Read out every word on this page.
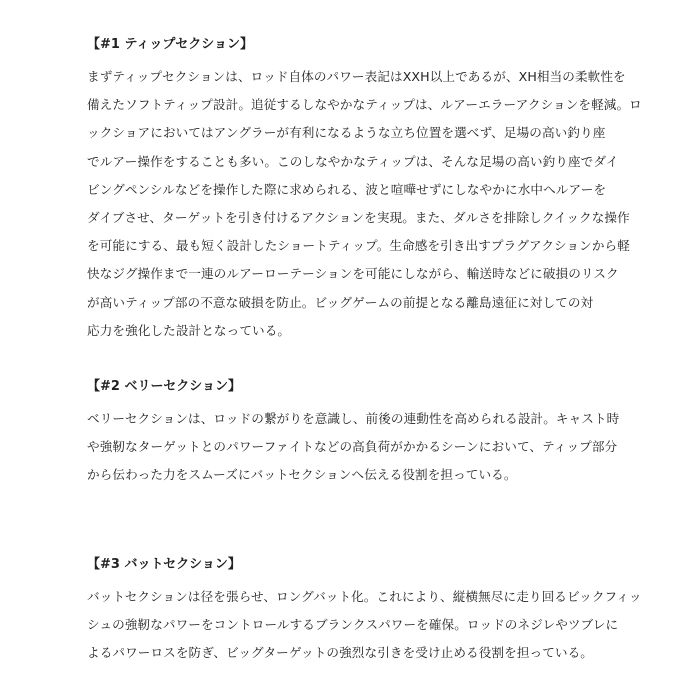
【#1 ティップセクション】
まずティップセクションは、ロッド自体のパワー表記はXXH以上であるが、XH相当の柔軟性を
備えたソフトティップ設計。追従するしなやかなティップは、ルアーエラーアクションを軽減。ロ
ックショアにおいてはアングラーが有利になるような立ち位置を選べず、足場の高い釣り座
でルアー操作をすることも多い。このしなやかなティップは、そんな足場の高い釣り座でダイ
ビングペンシルなどを操作した際に求められる、波と喧嘩せずにしなやかに水中へルアーを
ダイブさせ、ターゲットを引き付けるアクションを実現。また、ダルさを排除しクイックな操作
を可能にする、最も短く設計したショートティップ。生命感を引き出すプラグアクションから軽
快なジグ操作まで一連のルアーローテーションを可能にしながら、輸送時などに破損のリスク
が高いティップ部の不意な破損を防止。ビッグゲームの前提となる離島遠征に対しての対
応力を強化した設計となっている。
【#2 ベリーセクション】
ベリーセクションは、ロッドの繋がりを意識し、前後の連動性を高められる設計。キャスト時
や強靭なターゲットとのパワーファイトなどの高負荷がかかるシーンにおいて、ティップ部分
から伝わった力をスムーズにバットセクションへ伝える役割を担っている。
【#3 バットセクション】
バットセクションは径を張らせ、ロングバット化。これにより、縦横無尽に走り回るビックフィッ
シュの強靭なパワーをコントロールするブランクスパワーを確保。ロッドのネジレやツブレに
よるパワーロスを防ぎ、ビッグターゲットの強烈な引きを受け止める役割を担っている。
